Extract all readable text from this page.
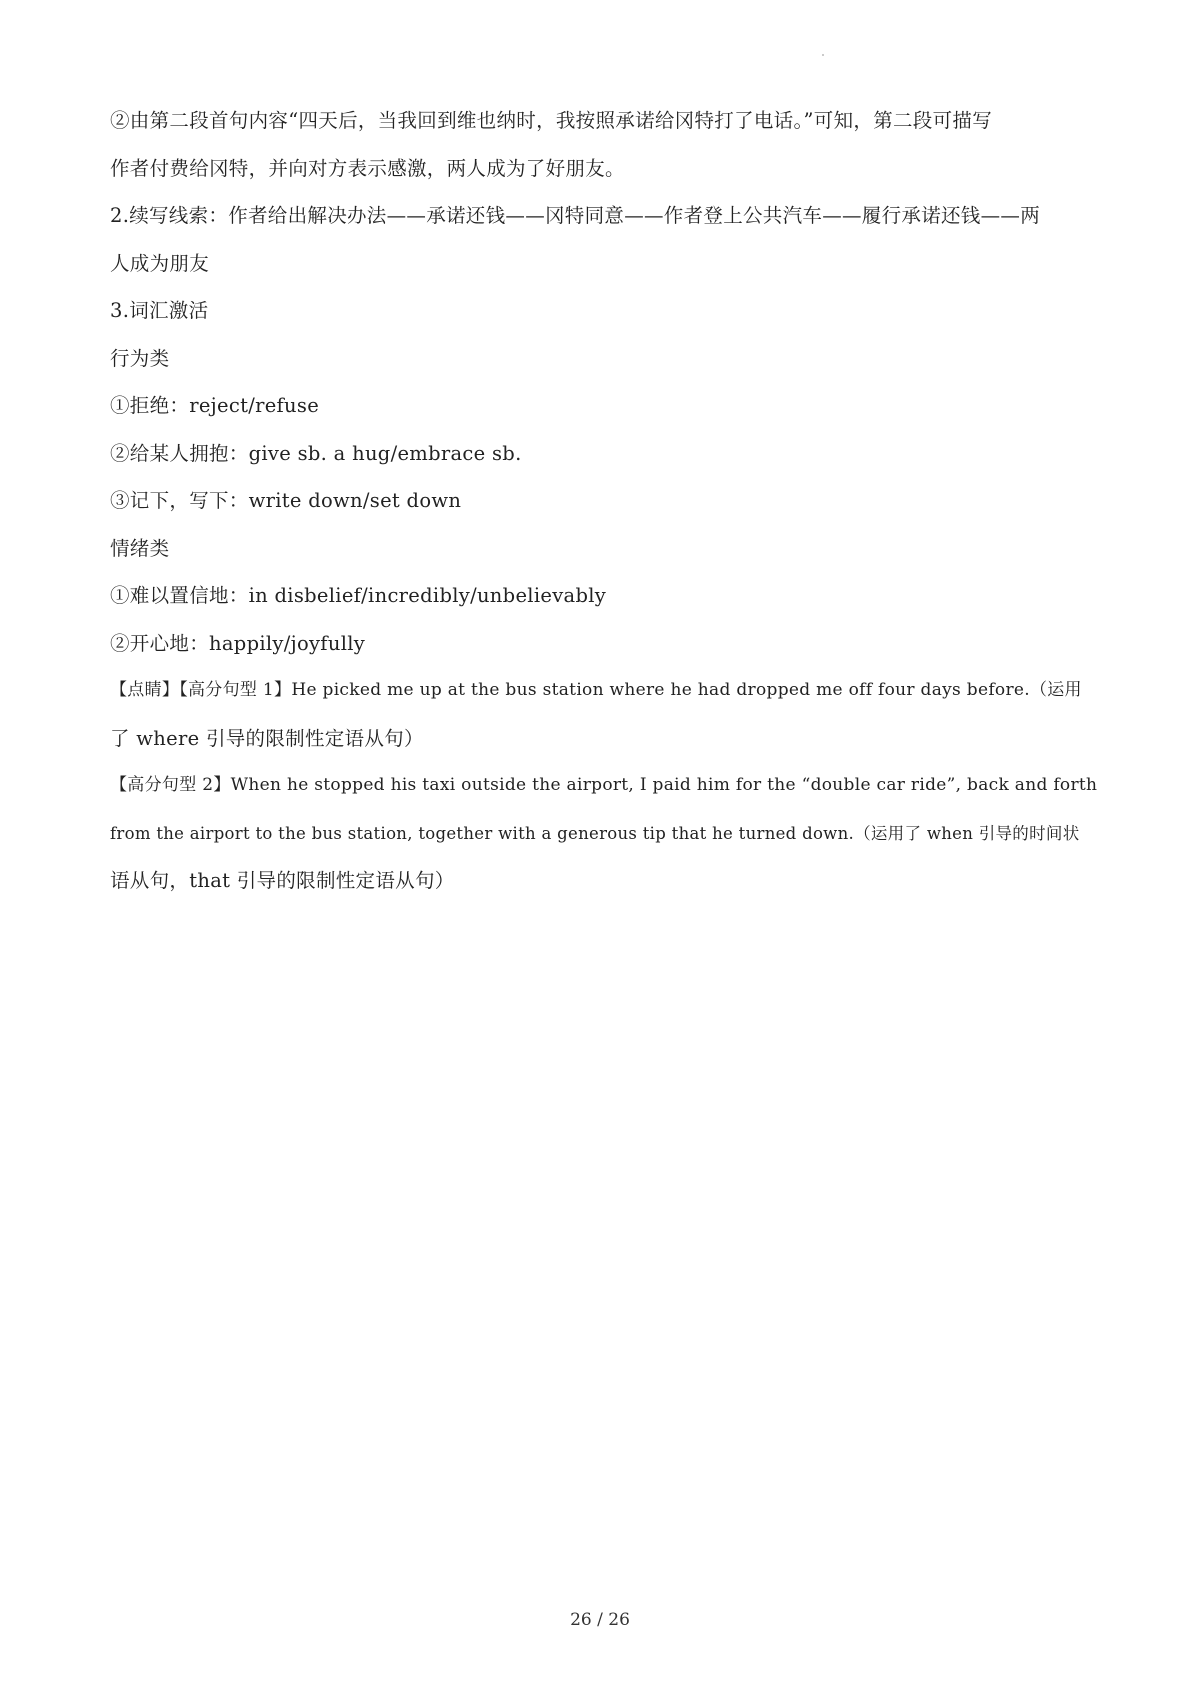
②由第二段首句内容“四天后，当我回到维也纳时，我按照承诺给冈特打了电话。”可知，第二段可描写
作者付费给冈特，并向对方表示感激，两人成为了好朋友。
2.续写线索：作者给出解决办法——承诺还钱——冈特同意——作者登上公共汽车——履行承诺还钱——两
人成为朋友
3.词汇激活
行为类
①拒绝：reject/refuse
②给某人拥抱：give sb. a hug/embrace sb.
③记下，写下：write down/set down
情绪类
①难以置信地：in disbelief/incredibly/unbelievably
②开心地：happily/joyfully
【点睛】【高分句型 1】He picked me up at the bus station where he had dropped me off four days before.（运用
了 where 引导的限制性定语从句）
【高分句型 2】When he stopped his taxi outside the airport, I paid him for the “double car ride”, back and forth
from the airport to the bus station, together with a generous tip that he turned down.（运用了 when 引导的时间状
语从句，that 引导的限制性定语从句）
26 / 26
